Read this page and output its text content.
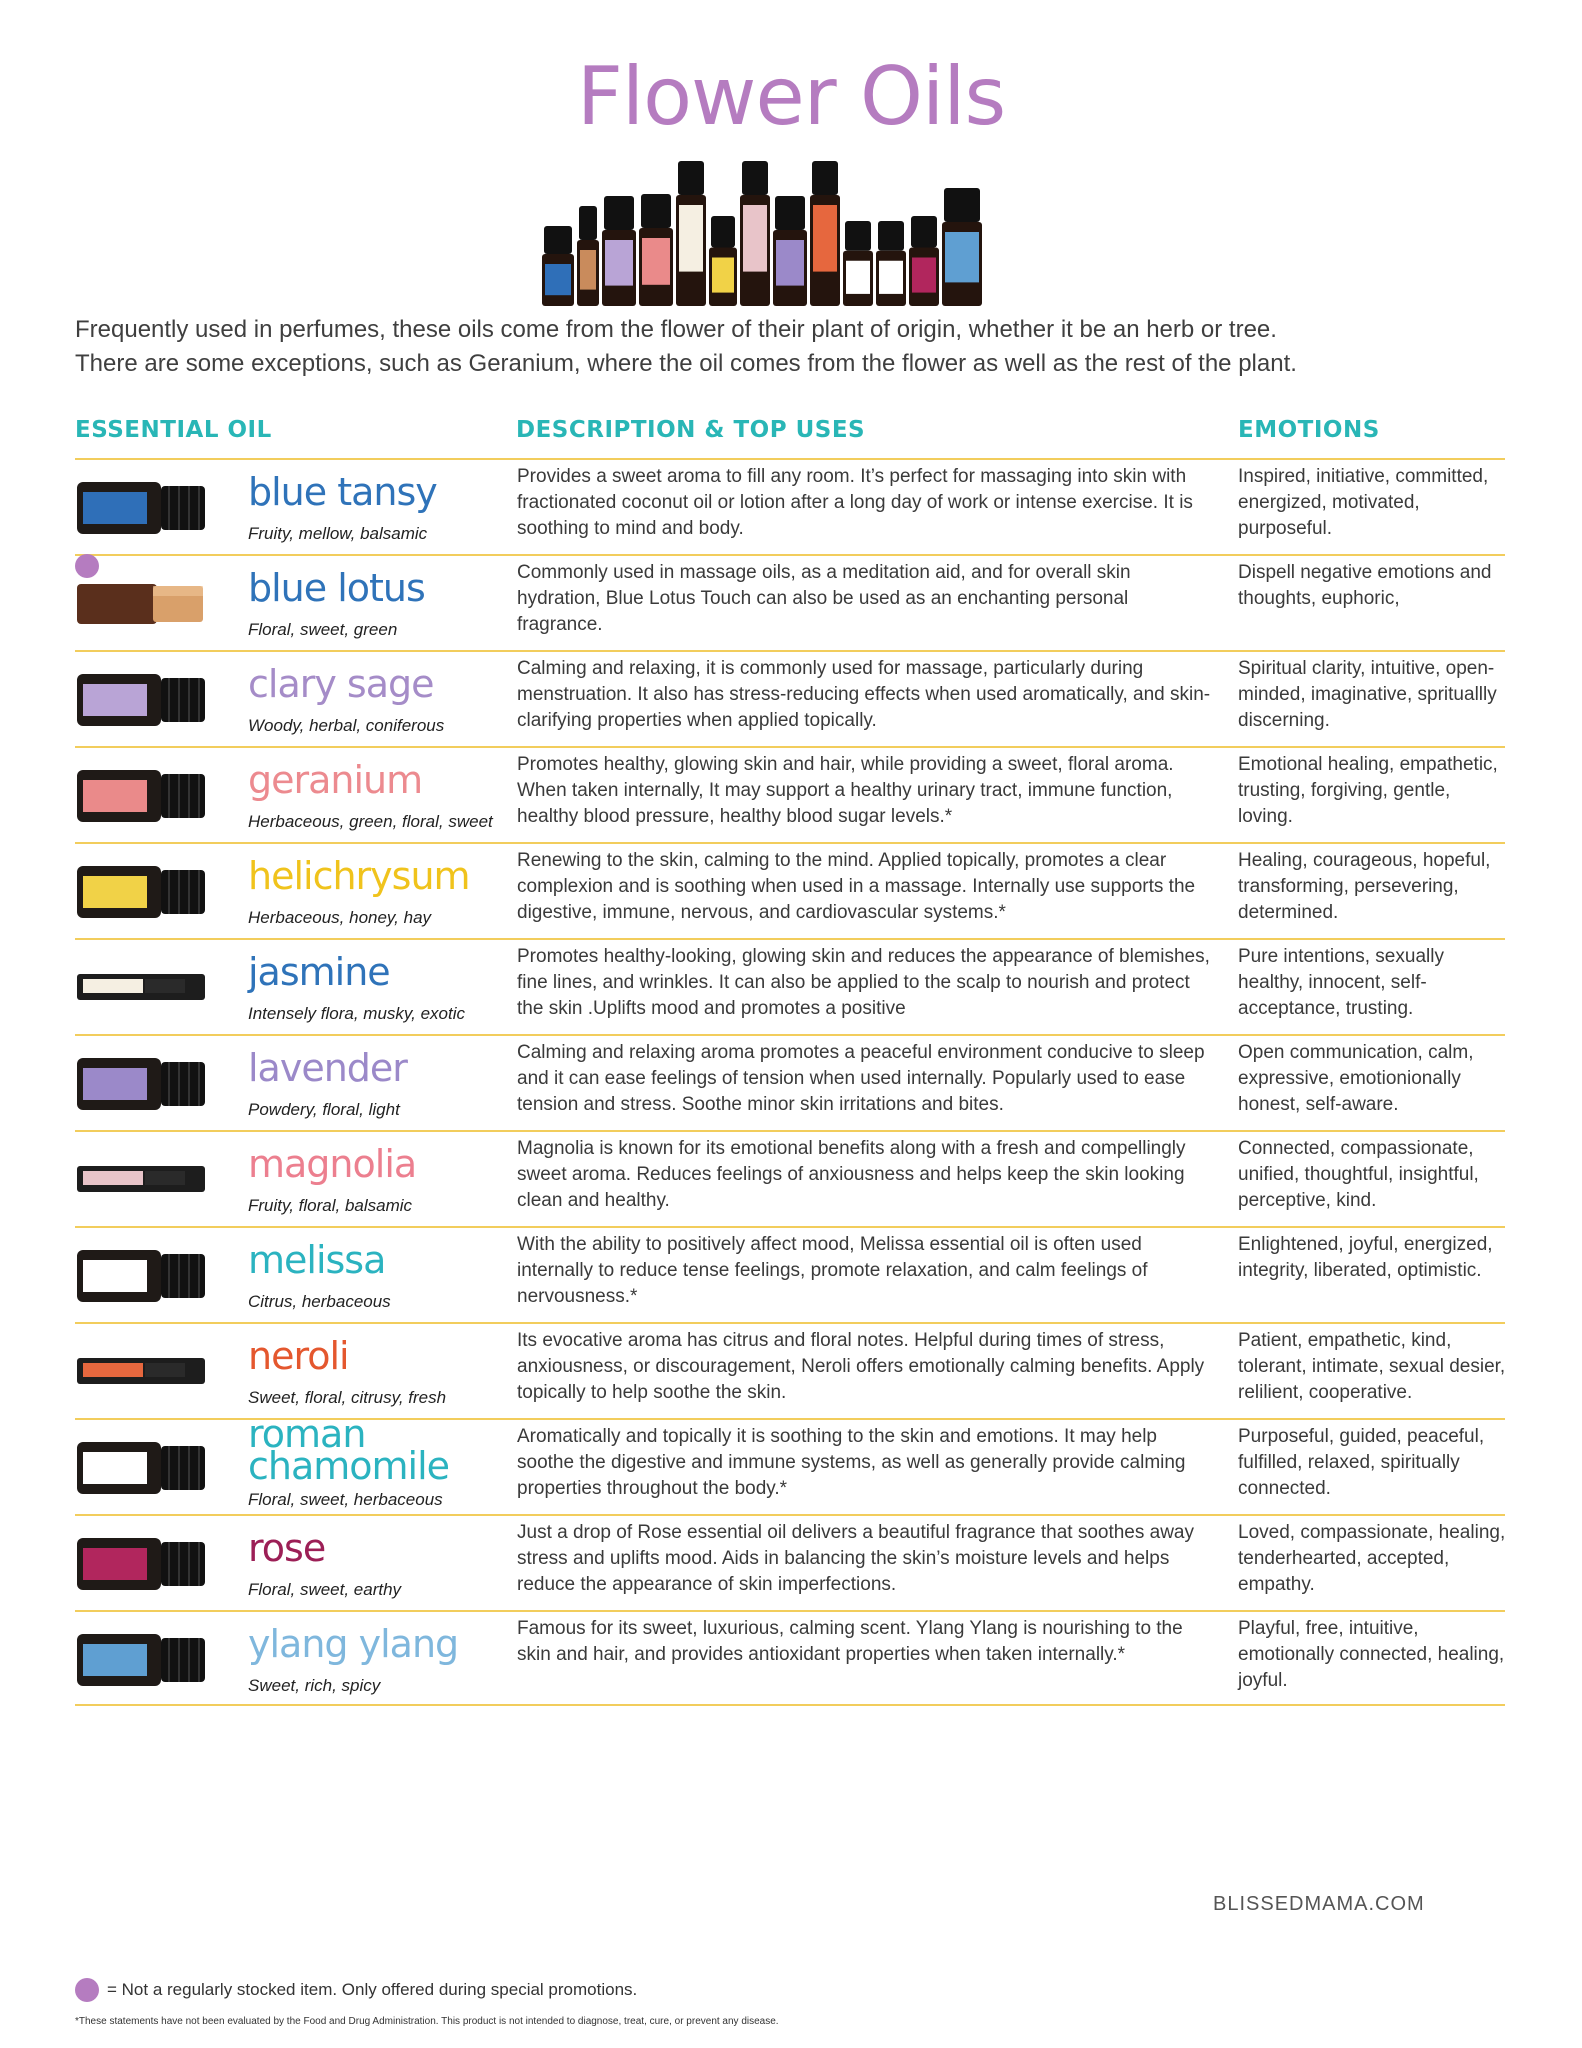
Flower Oils
Frequently used in perfumes, these oils come from the flower of their plant of origin, whether it be an herb or tree.
There are some exceptions, such as Geranium, where the oil comes from the flower as well as the rest of the plant.
ESSENTIAL OIL	DESCRIPTION & TOP USES	EMOTIONS
blue tansy
Fruity, mellow, balsamic
Provides a sweet aroma to fill any room. It’s perfect for massaging into skin with fractionated coconut oil or lotion after a long day of work or intense exercise. It is soothing to mind and body.
Inspired, initiative, committed, energized, motivated, purposeful.
blue lotus
Floral, sweet, green
Commonly used in massage oils, as a meditation aid, and for overall skin hydration, Blue Lotus Touch can also be used as an enchanting personal fragrance.
Dispell negative emotions and thoughts, euphoric,
clary sage
Woody, herbal, coniferous
Calming and relaxing, it is commonly used for massage, particularly during menstruation. It also has stress-reducing effects when used aromatically, and skin-clarifying properties when applied topically.
Spiritual clarity, intuitive, open-minded, imaginative, sprituallly discerning.
geranium
Herbaceous, green, floral, sweet
Promotes healthy, glowing skin and hair, while providing a sweet, floral aroma. When taken internally, It may support a healthy urinary tract, immune function, healthy blood pressure, healthy blood sugar levels.*
Emotional healing, empathetic, trusting, forgiving, gentle, loving.
helichrysum
Herbaceous, honey, hay
Renewing to the skin, calming to the mind. Applied topically, promotes a clear complexion and is soothing when used in a massage. Internally use supports the digestive, immune, nervous, and cardiovascular systems.*
Healing, courageous, hopeful, transforming, persevering, determined.
jasmine
Intensely flora, musky, exotic
Promotes healthy-looking, glowing skin and reduces the appearance of blemishes, fine lines, and wrinkles. It can also be applied to the scalp to nourish and protect the skin .Uplifts mood and promotes a positive
Pure intentions, sexually healthy, innocent, self-acceptance, trusting.
lavender
Powdery, floral, light
Calming and relaxing aroma promotes a peaceful environment conducive to sleep and it can ease feelings of tension when used internally. Popularly used to ease tension and stress. Soothe minor skin irritations and bites.
Open communication, calm, expressive, emotionionally honest, self-aware.
magnolia
Fruity, floral, balsamic
Magnolia is known for its emotional benefits along with a fresh and compellingly sweet aroma. Reduces feelings of anxiousness and helps keep the skin looking clean and healthy.
Connected, compassionate, unified, thoughtful, insightful, perceptive, kind.
melissa
Citrus, herbaceous
With the ability to positively affect mood, Melissa essential oil is often used internally to reduce tense feelings, promote relaxation, and calm feelings of nervousness.*
Enlightened, joyful, energized, integrity, liberated, optimistic.
neroli
Sweet, floral, citrusy, fresh
Its evocative aroma has citrus and floral notes. Helpful during times of stress, anxiousness, or discouragement, Neroli offers emotionally calming benefits. Apply topically to help soothe the skin.
Patient, empathetic, kind, tolerant, intimate, sexual desier, relilient, cooperative.
roman chamomile
Floral, sweet, herbaceous
Aromatically and topically it is soothing to the skin and emotions. It may help soothe the digestive and immune systems, as well as generally provide calming properties throughout the body.*
Purposeful, guided, peaceful, fulfilled, relaxed, spiritually connected.
rose
Floral, sweet, earthy
Just a drop of Rose essential oil delivers a beautiful fragrance that soothes away stress and uplifts mood. Aids in balancing the skin’s moisture levels and helps reduce the appearance of skin imperfections.
Loved, compassionate, healing, tenderhearted, accepted, empathy.
ylang ylang
Sweet, rich, spicy
Famous for its sweet, luxurious, calming scent. Ylang Ylang is nourishing to the skin and hair, and provides antioxidant properties when taken internally.*
Playful, free, intuitive, emotionally connected, healing, joyful.
BLISSEDMAMA.COM
= Not a regularly stocked item. Only offered during special promotions.
*These statements have not been evaluated by the Food and Drug Administration. This product is not intended to diagnose, treat, cure, or prevent any disease.
